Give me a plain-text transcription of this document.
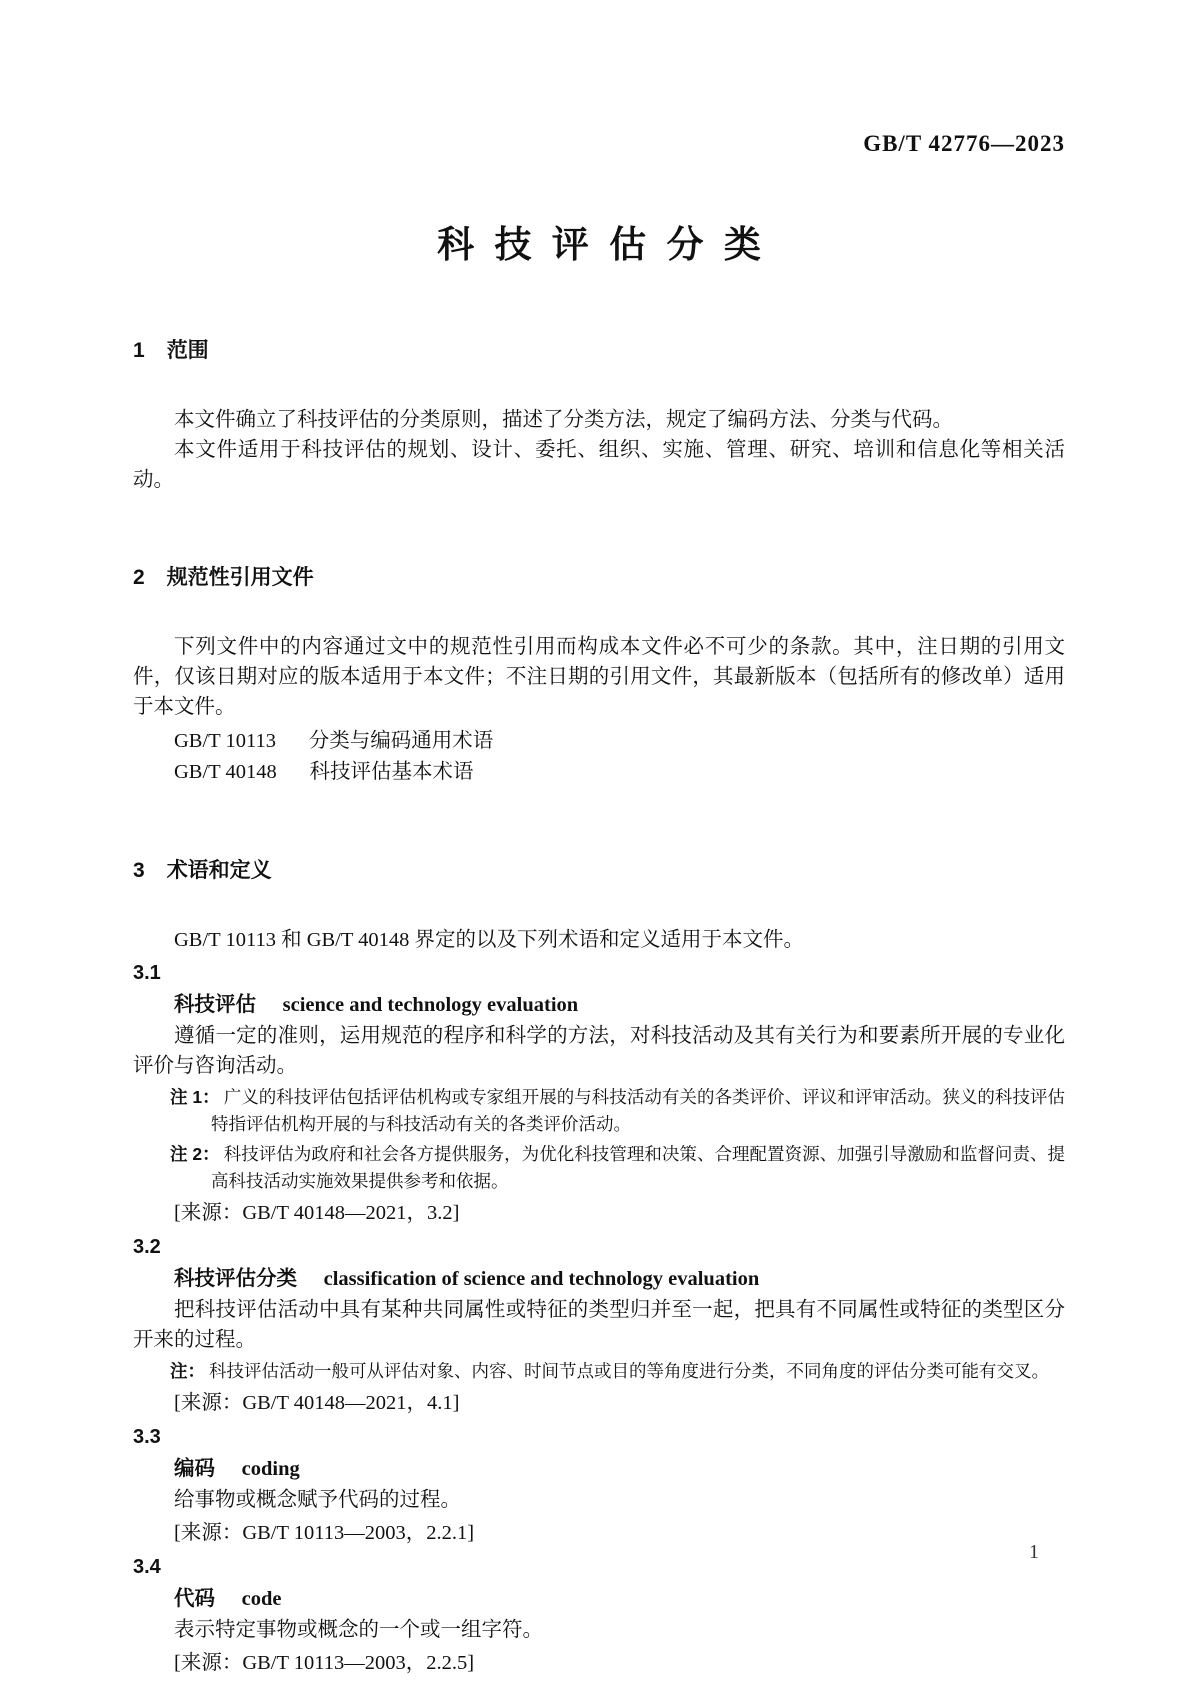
GB/T 42776—2023
科技评估分类
1 范围

本文件确立了科技评估的分类原则，描述了分类方法，规定了编码方法、分类与代码。

本文件适用于科技评估的规划、设计、委托、组织、实施、管理、研究、培训和信息化等相关活动。

2 规范性引用文件

下列文件中的内容通过文中的规范性引用而构成本文件必不可少的条款。其中，注日期的引用文件，仅该日期对应的版本适用于本文件；不注日期的引用文件，其最新版本（包括所有的修改单）适用于本文件。

GB/T 10113 分类与编码通用术语

GB/T 40148 科技评估基本术语

3 术语和定义

GB/T 10113 和 GB/T 40148 界定的以及下列术语和定义适用于本文件。

3.1
科技评估 science and technology evaluation

遵循一定的准则，运用规范的程序和科学的方法，对科技活动及其有关行为和要素所开展的专业化评价与咨询活动。

注 1： 广义的科技评估包括评估机构或专家组开展的与科技活动有关的各类评价、评议和评审活动。狭义的科技评估特指评估机构开展的与科技活动有关的各类评价活动。

注 2： 科技评估为政府和社会各方提供服务，为优化科技管理和决策、合理配置资源、加强引导激励和监督问责、提高科技活动实施效果提供参考和依据。

[来源：GB/T 40148—2021，3.2]

3.2
科技评估分类 classification of science and technology evaluation

把科技评估活动中具有某种共同属性或特征的类型归并至一起，把具有不同属性或特征的类型区分开来的过程。

注： 科技评估活动一般可从评估对象、内容、时间节点或目的等角度进行分类，不同角度的评估分类可能有交叉。

[来源：GB/T 40148—2021，4.1]

3.3
编码 coding

给事物或概念赋予代码的过程。

[来源：GB/T 10113—2003，2.2.1]

3.4
代码 code

表示特定事物或概念的一个或一组字符。

[来源：GB/T 10113—2003，2.2.5]

1
